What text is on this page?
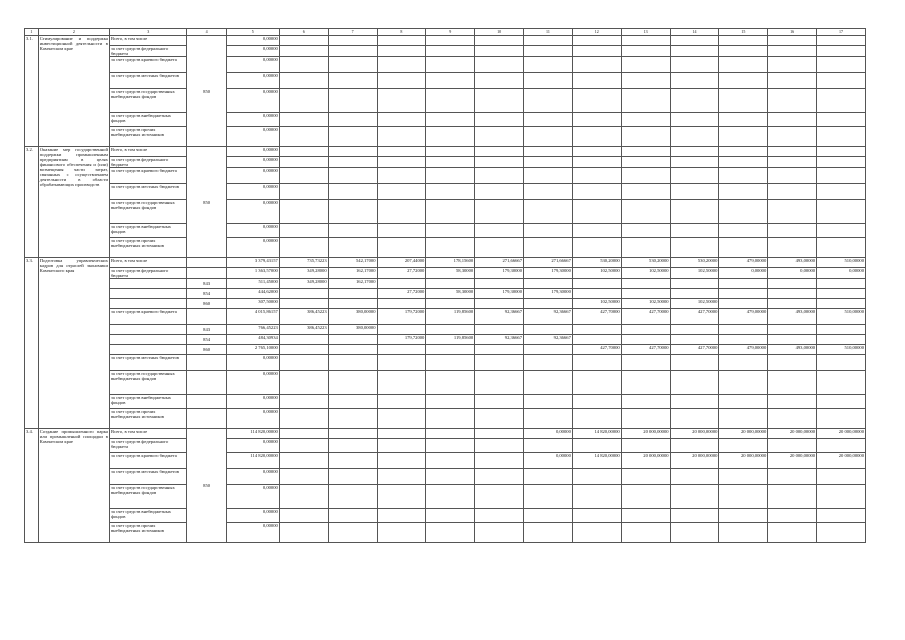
1	2	3	4	5	6	7	8	9	10	11	12	13	14	15	16	17
3.1.	Стимулирование и поддержка инвестиционной деятельности в Камчатском крае	Всего, в том числе	850	0,00000												
		за счет средств федерального бюджета		0,00000												
		за счет средств краевого бюджета		0,00000												
		за счет средств местных бюджетов		0,00000												
		за счет средств государственных внебюджетных фондов		0,00000												
		за счет средств внебюджетных фондов		0,00000												
		за счет средств прочих внебюджетных источников		0,00000												
3.2.	Оказание мер государственной поддержки промышленным предприятиям в целях финансового обеспечения и (или) возмещения части затрат, связанных с осуществлением деятельности в области обрабатывающих производств	Всего, в том числе	850	0,00000												
		за счет средств федерального бюджета		0,00000												
		за счет средств краевого бюджета		0,00000												
		за счет средств местных бюджетов		0,00000												
		за счет средств государственных внебюджетных фондов		0,00000												
		за счет средств внебюджетных фондов		0,00000												
		за счет средств прочих внебюджетных источников		0,00000												
3.3.	Подготовка управленческих кадров для отраслей экономики Камчатского края	Всего, в том числе		3 379,43157	735,73223	542,17000	207,44000	178,15600	271,66667	271,66667	530,20000	530,20000	530,20000	479,00000	493,00000	510,00000
		за счет средств федерального бюджета		1 363,57000	349,28000	162,17000	27,72000	58,30000	179,30000	179,30000	102,50000	102,50000	102,50000	0,00000	0,00000	0,00000
			843	511,45000	349,28000	162,17000										
			854	444,62000			27,72000	58,30000	179,30000	179,30000						
			860	307,50000							102,50000	102,50000	102,50000			
		за счет средств краевого бюджета		4 015,86157	386,45223	380,00000	179,72000	119,85600	92,36667	92,36667	427,70000	427,70000	427,70000	479,00000	493,00000	510,00000
			843	766,45223	386,45223	380,00000										
			854	484,30934			179,72000	119,85600	92,36667	92,36667						
			860	2 765,10000							427,70000	427,70000	427,70000	479,00000	493,00000	510,00000
		за счет средств местных бюджетов		0,00000												
		за счет средств государственных внебюджетных фондов		0,00000												
		за счет средств внебюджетных фондов		0,00000												
		за счет средств прочих внебюджетных источников		0,00000												
3.4.	Создание промышленного парка или промышленной площадки в Камчатском крае	Всего, в том числе	850	114 820,00000						0,00000	14 820,00000	20 000,00000	20 000,00000	20 000,00000	20 000,00000	20 000,00000
		за счет средств федерального бюджета		0,00000												
		за счет средств краевого бюджета		114 820,00000						0,00000	14 820,00000	20 000,00000	20 000,00000	20 000,00000	20 000,00000	20 000,00000
		за счет средств местных бюджетов		0,00000												
		за счет средств государственных внебюджетных фондов		0,00000												
		за счет средств внебюджетных фондов		0,00000												
		за счет средств прочих внебюджетных источников		0,00000												
